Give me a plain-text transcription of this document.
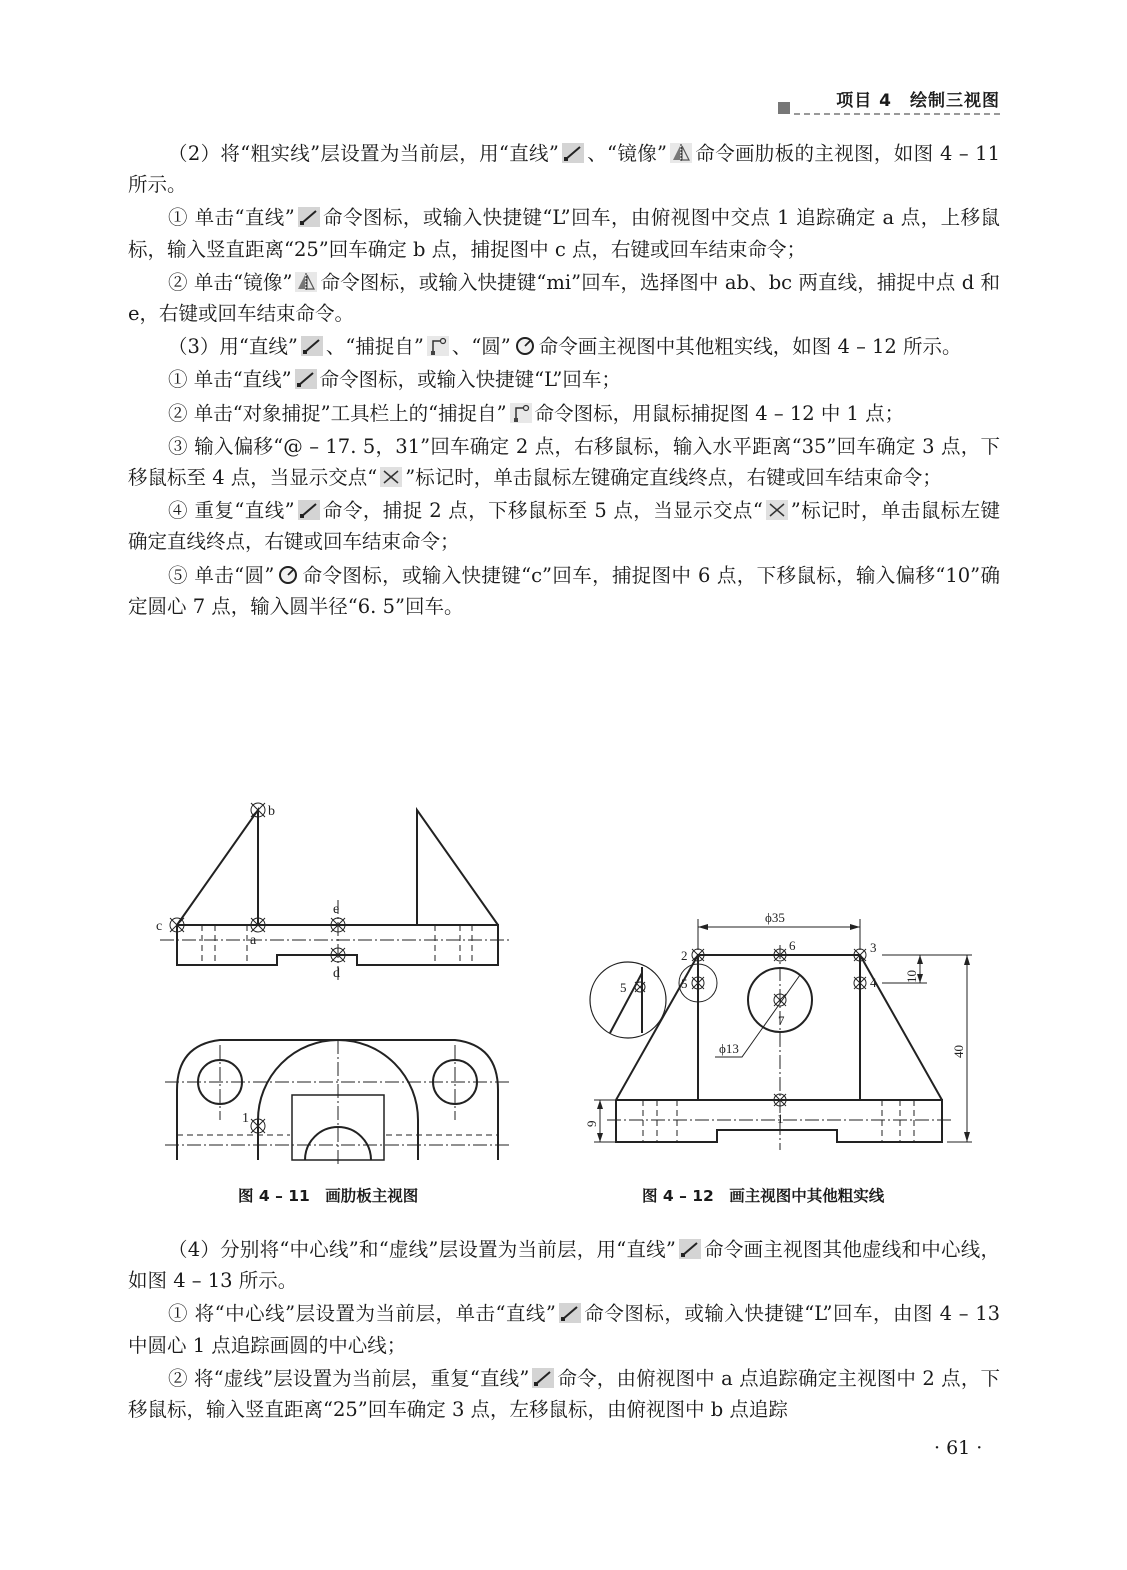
项目 4　绘制三视图

（2）将“粗实线”层设置为当前层，用“直线” 、“镜像” 命令画肋板的主视图，如图 4 – 11 所示。

① 单击“直线” 命令图标，或输入快捷键“L”回车，由俯视图中交点 1 追踪确定 a 点，上移鼠标，输入竖直距离“25”回车确定 b 点，捕捉图中 c 点，右键或回车结束命令；

② 单击“镜像” 命令图标，或输入快捷键“mi”回车，选择图中 ab、bc 两直线，捕捉中点 d 和 e，右键或回车结束命令。

（3）用“直线” 、“捕捉自” 、“圆” 命令画主视图中其他粗实线，如图 4 – 12 所示。

① 单击“直线” 命令图标，或输入快捷键“L”回车；

② 单击“对象捕捉”工具栏上的“捕捉自” 命令图标，用鼠标捕捉图 4 – 12 中 1 点；

③ 输入偏移“@ – 17. 5，31”回车确定 2 点，右移鼠标，输入水平距离“35”回车确定 3 点，下移鼠标至 4 点，当显示交点“ ”标记时，单击鼠标左键确定直线终点，右键或回车结束命令；

④ 重复“直线” 命令，捕捉 2 点，下移鼠标至 5 点，当显示交点“ ”标记时，单击鼠标左键确定直线终点，右键或回车结束命令；

⑤ 单击“圆” 命令图标，或输入快捷键“c”回车，捕捉图中 6 点，下移鼠标，输入偏移“10”确定圆心 7 点，输入圆半径“6. 5”回车。

b
c
a
e
d
1
图 4 – 11　画肋板主视图
ϕ35
ϕ13
2
6	3
4
5
5
7
1
10
40
9
图 4 – 12　画主视图中其他粗实线

（4）分别将“中心线”和“虚线”层设置为当前层，用“直线” 命令画主视图其他虚线和中心线，如图 4 – 13 所示。

① 将“中心线”层设置为当前层，单击“直线” 命令图标，或输入快捷键“L”回车，由图 4 – 13 中圆心 1 点追踪画圆的中心线；

② 将“虚线”层设置为当前层，重复“直线” 命令，由俯视图中 a 点追踪确定主视图中 2 点，下移鼠标，输入竖直距离“25”回车确定 3 点，左移鼠标，由俯视图中 b 点追踪

· 61 ·
